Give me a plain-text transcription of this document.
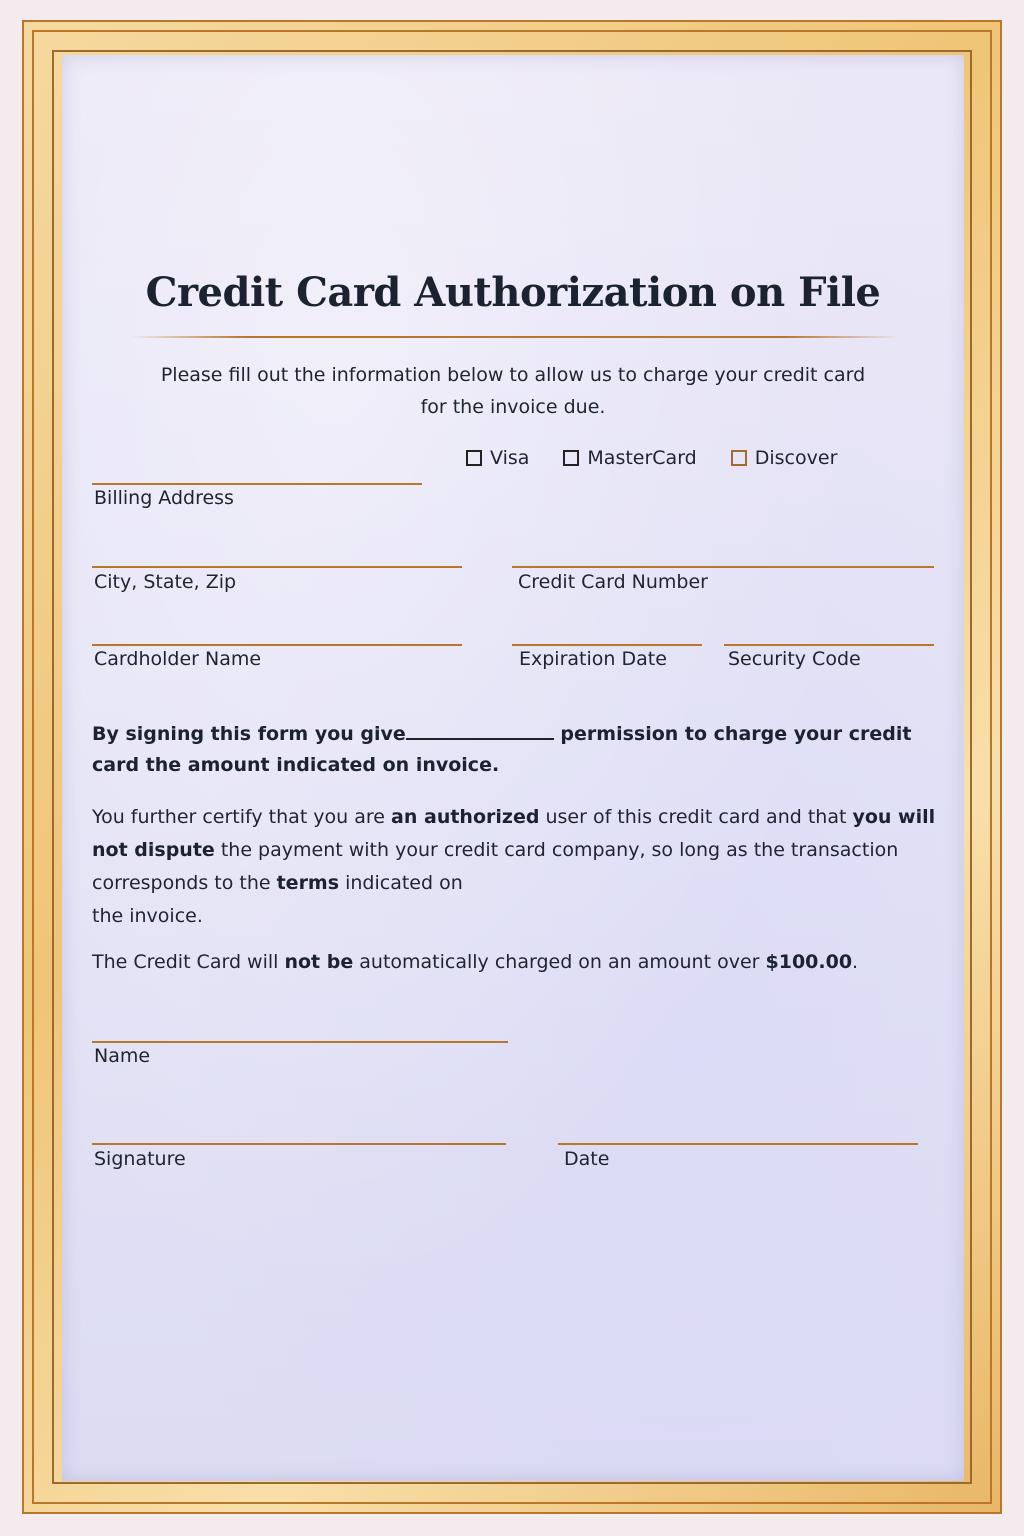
Credit Card Authorization on File
Please fill out the information below to allow us to charge your credit card
for the invoice due.
Visa	MasterCard	Discover
Billing Address
City, State, Zip	Credit Card Number
Cardholder Name	Expiration Date	Security Code
By signing this form you give	permission to charge your credit card the amount indicated on invoice.
You further certify that you are an authorized user of this credit card and that you will not dispute the payment with your credit card company, so long as the transaction corresponds to the terms indicated on
the invoice.
The Credit Card will not be automatically charged on an amount over $100.00.
Name
Signature	Date
